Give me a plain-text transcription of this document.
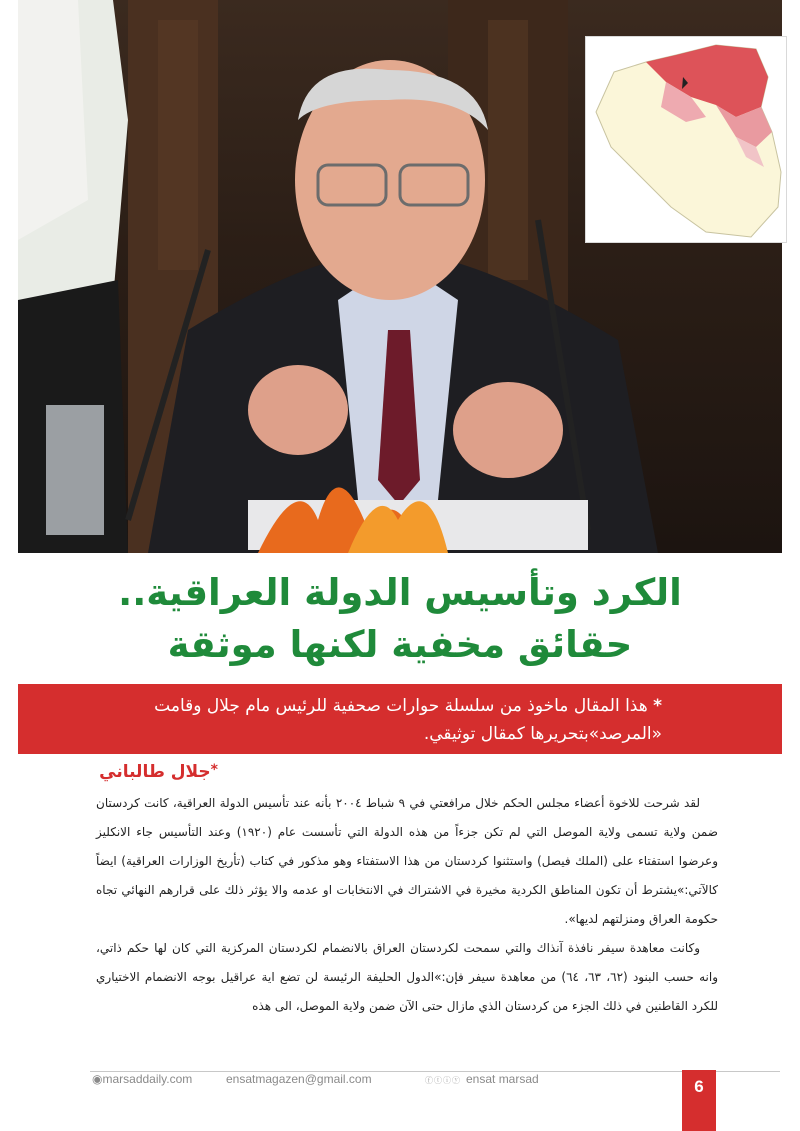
الكرد وتأسيس الدولة العراقية..
حقائق مخفية لكنها موثقة
* هذا المقال ماخوذ من سلسلة حوارات صحفية للرئيس مام جلال وقامت «المرصد»بتحريرها كمقال توثيقي.
*جلال طالباني

لقد شرحت للاخوة أعضاء مجلس الحكم خلال مرافعتي في ٩ شباط ٢٠٠٤ بأنه عند تأسيس الدولة العراقية، كانت كردستان ضمن ولاية تسمى ولاية الموصل التي لم تكن جزءاً من هذه الدولة التي تأسست عام (١٩٢٠) وعند التأسيس جاء الانكليز وعرضوا استفتاء على (الملك فيصل) واستثنوا كردستان من هذا الاستفتاء وهو مذكور في كتاب (تأريخ الوزارات العراقية) ايضاً كالآتي:»يشترط أن تكون المناطق الكردية مخيرة في الاشتراك في الانتخابات او عدمه والا يؤثر ذلك على قرارهم النهائي تجاه حكومة العراق ومنزلتهم لديها».

وكانت معاهدة سيفر نافذة آنذاك والتي سمحت لكردستان العراق بالانضمام لكردستان المركزية التي كان لها حكم ذاتي، وانه حسب البنود (٦٢، ٦٣، ٦٤) من معاهدة سيفر فإن:»الدول الحليفة الرئيسة لن تضع اية عراقيل بوجه الانضمام الاختياري للكرد القاطنين في ذلك الجزء من كردستان الذي مازال حتى الآن ضمن ولاية الموصل، الى هذه

◉marsaddaily.com	ensatmagazen@gmail.com	ⓕⓣⓘⓨ ensat marsad	6
